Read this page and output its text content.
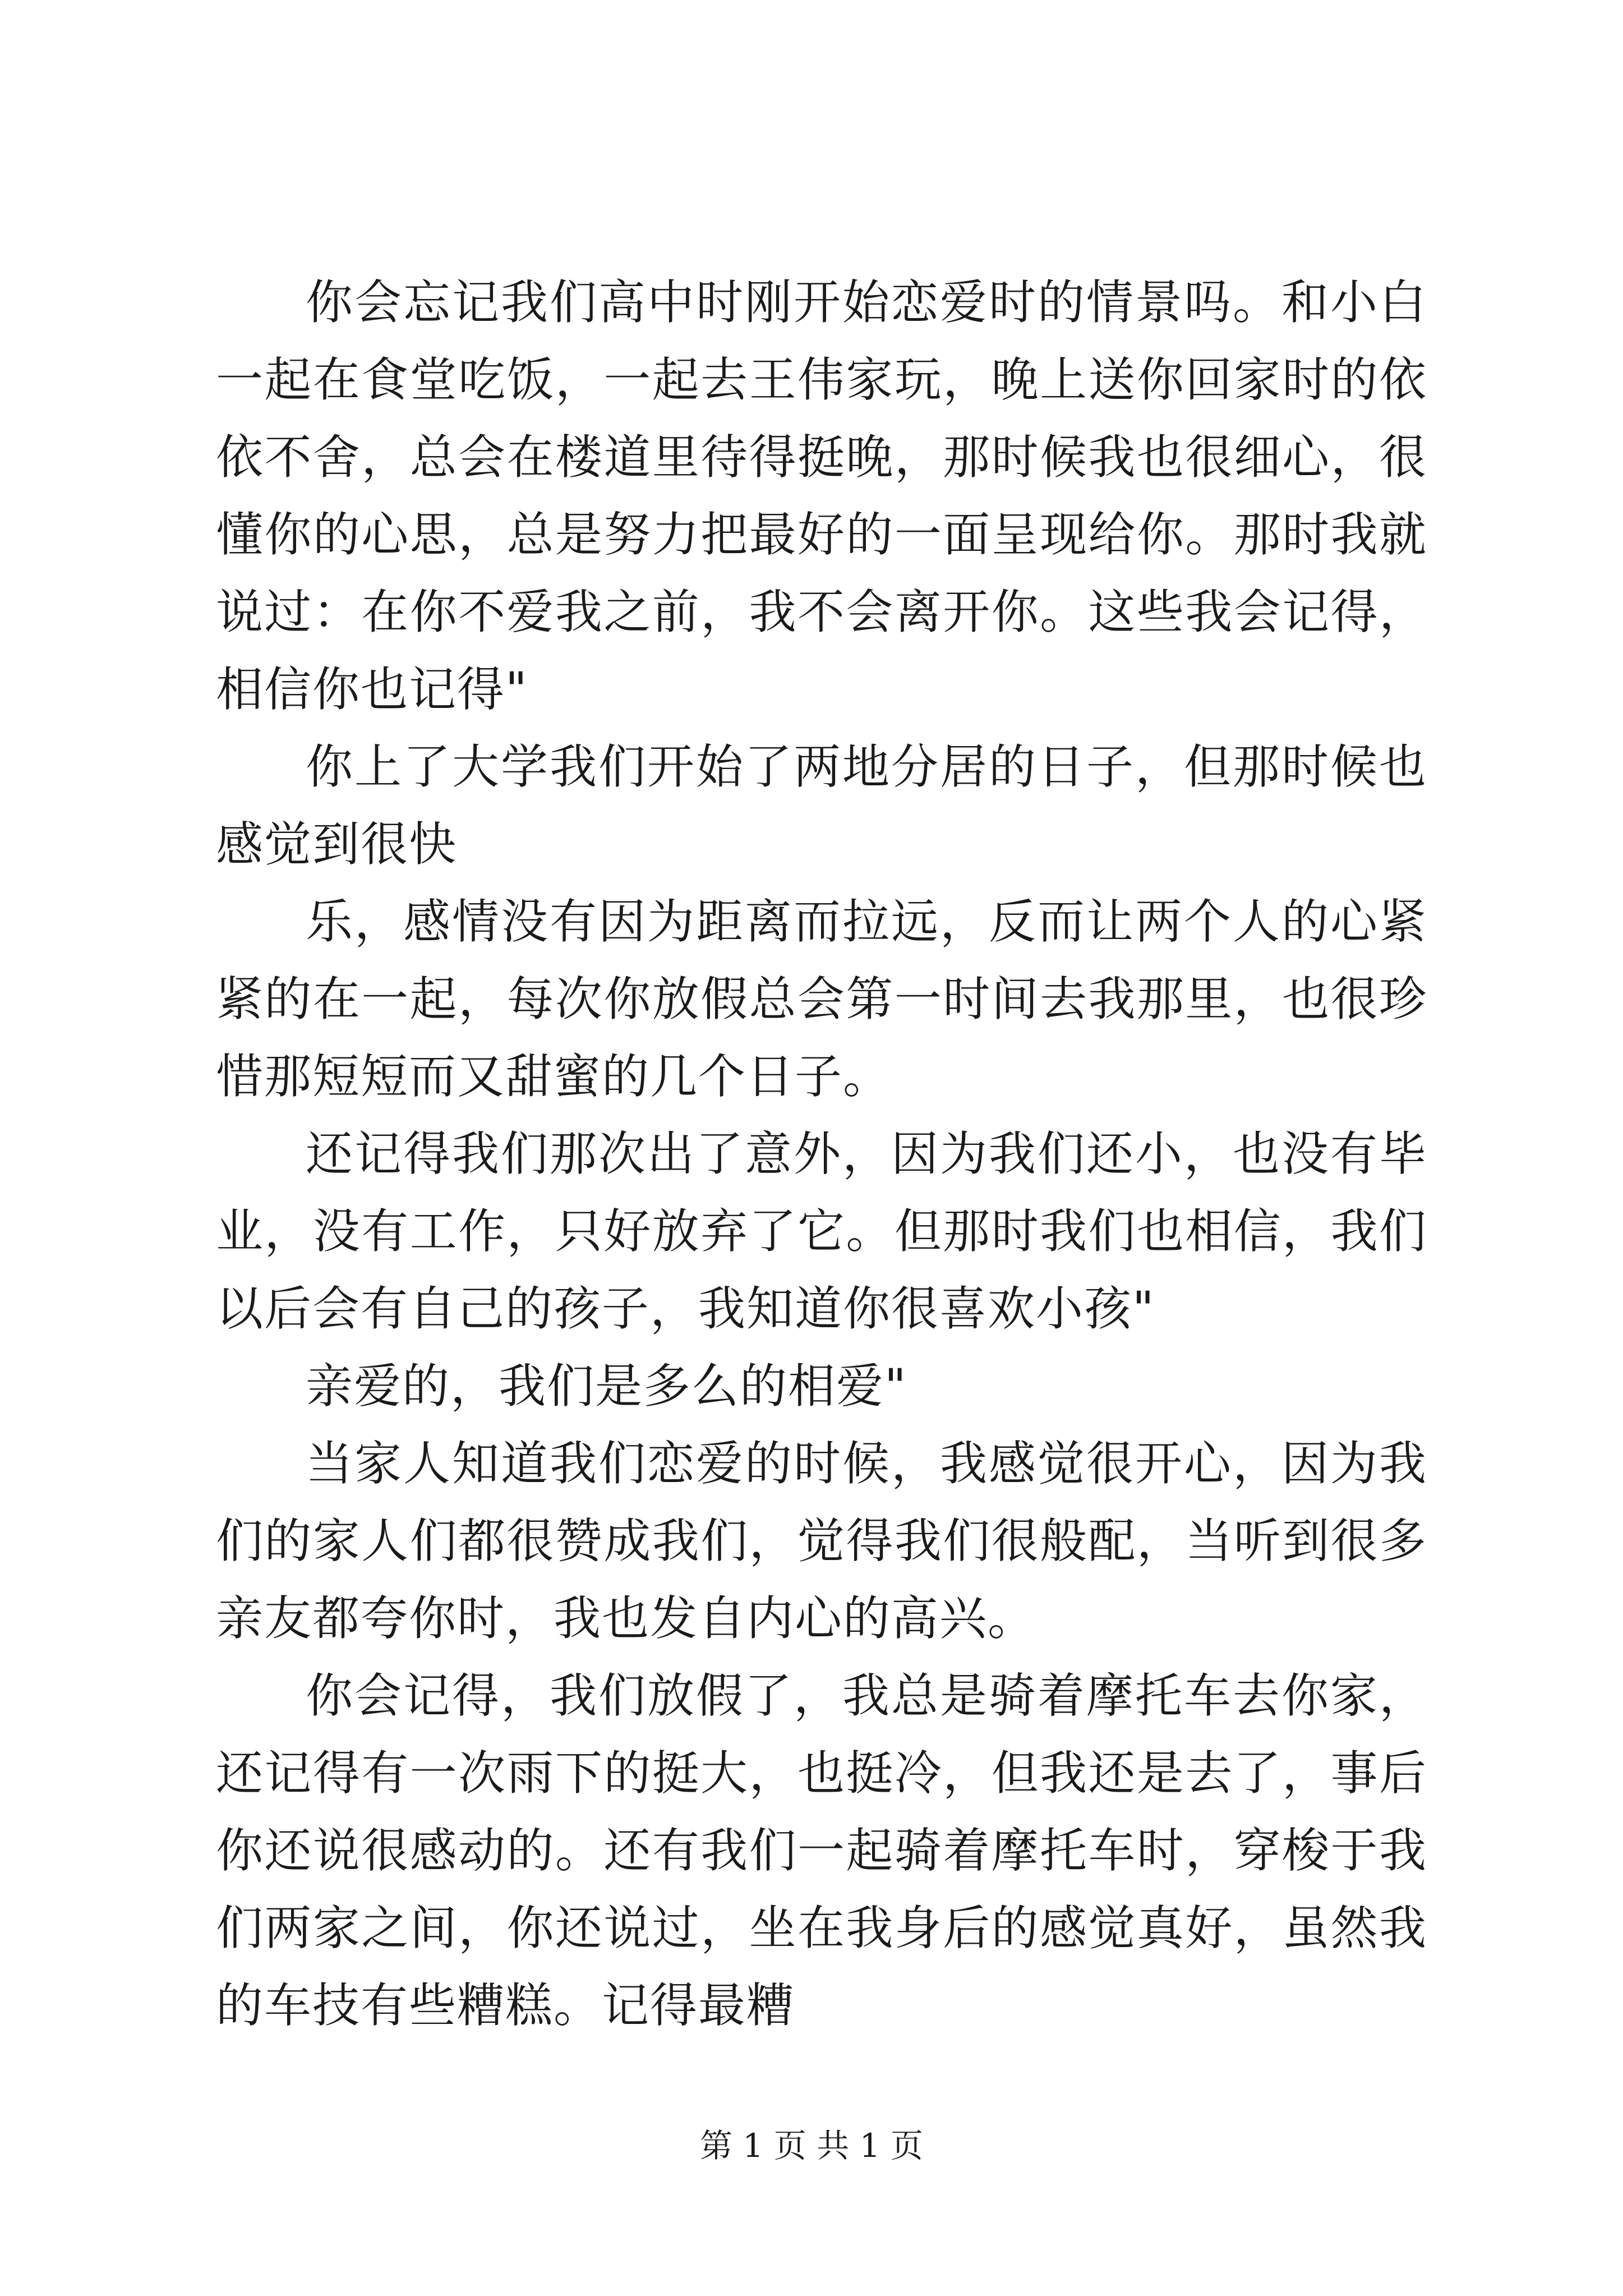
你会忘记我们高中时刚开始恋爱时的情景吗。和小白一起在食堂吃饭，一起去王伟家玩，晚上送你回家时的依依不舍，总会在楼道里待得挺晚，那时候我也很细心，很懂你的心思，总是努力把最好的一面呈现给你。那时我就说过：在你不爱我之前，我不会离开你。这些我会记得，相信你也记得"

你上了大学我们开始了两地分居的日子，但那时候也感觉到很快

乐，感情没有因为距离而拉远，反而让两个人的心紧紧的在一起，每次你放假总会第一时间去我那里，也很珍惜那短短而又甜蜜的几个日子。

还记得我们那次出了意外，因为我们还小，也没有毕业，没有工作，只好放弃了它。但那时我们也相信，我们以后会有自己的孩子，我知道你很喜欢小孩"

亲爱的，我们是多么的相爱"

当家人知道我们恋爱的时候，我感觉很开心，因为我们的家人们都很赞成我们，觉得我们很般配，当听到很多亲友都夸你时，我也发自内心的高兴。

你会记得，我们放假了，我总是骑着摩托车去你家，还记得有一次雨下的挺大，也挺冷，但我还是去了，事后你还说很感动的。还有我们一起骑着摩托车时，穿梭于我们两家之间，你还说过，坐在我身后的感觉真好，虽然我的车技有些糟糕。记得最糟

第 1 页 共 1 页
